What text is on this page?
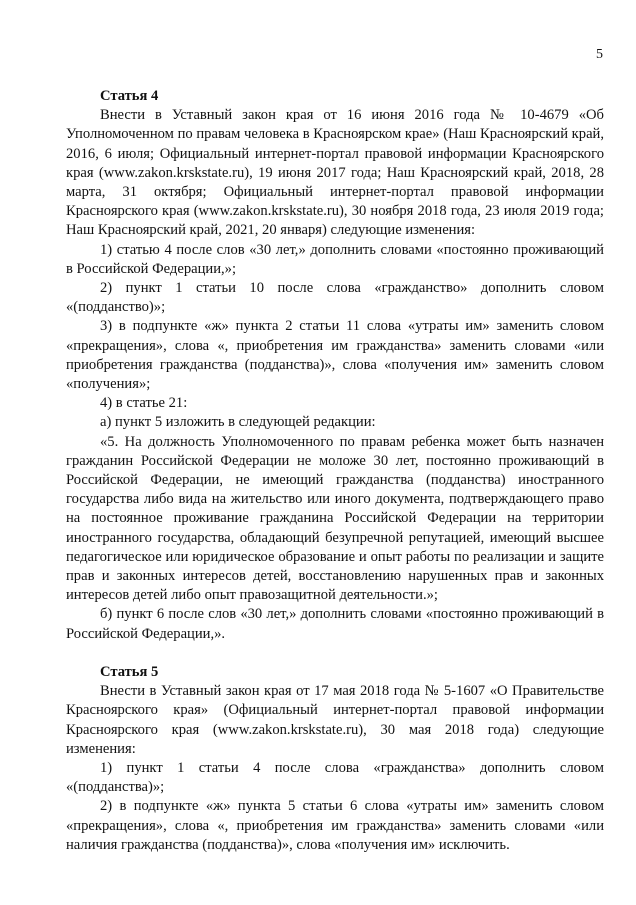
5

Статья 4

Внести в Уставный закон края от 16 июня 2016 года № 10-4679 «Об Уполномоченном по правам человека в Красноярском крае» (Наш Красноярский край, 2016, 6 июля; Официальный интернет-портал правовой информации Красноярского края (www.zakon.krskstate.ru), 19 июня 2017 года; Наш Красноярский край, 2018, 28 марта, 31 октября; Официальный интернет-портал правовой информации Красноярского края (www.zakon.krskstate.ru), 30 ноября 2018 года, 23 июля 2019 года; Наш Красноярский край, 2021, 20 января) следующие изменения:

1) статью 4 после слов «30 лет,» дополнить словами «постоянно проживающий в Российской Федерации,»;

2) пункт 1 статьи 10 после слова «гражданство» дополнить словом «(подданство)»;

3) в подпункте «ж» пункта 2 статьи 11 слова «утраты им» заменить словом «прекращения», слова «, приобретения им гражданства» заменить словами «или приобретения гражданства (подданства)», слова «получения им» заменить словом «получения»;

4) в статье 21:

а) пункт 5 изложить в следующей редакции:

«5. На должность Уполномоченного по правам ребенка может быть назначен гражданин Российской Федерации не моложе 30 лет, постоянно проживающий в Российской Федерации, не имеющий гражданства (подданства) иностранного государства либо вида на жительство или иного документа, подтверждающего право на постоянное проживание гражданина Российской Федерации на территории иностранного государства, обладающий безупречной репутацией, имеющий высшее педагогическое или юридическое образование и опыт работы по реализации и защите прав и законных интересов детей, восстановлению нарушенных прав и законных интересов детей либо опыт правозащитной деятельности.»;

б) пункт 6 после слов «30 лет,» дополнить словами «постоянно проживающий в Российской Федерации,».

Статья 5

Внести в Уставный закон края от 17 мая 2018 года № 5-1607 «О Правительстве Красноярского края» (Официальный интернет-портал правовой информации Красноярского края (www.zakon.krskstate.ru), 30 мая 2018 года) следующие изменения:

1) пункт 1 статьи 4 после слова «гражданства» дополнить словом «(подданства)»;

2) в подпункте «ж» пункта 5 статьи 6 слова «утраты им» заменить словом «прекращения», слова «, приобретения им гражданства» заменить словами «или наличия гражданства (подданства)», слова «получения им» исключить.
